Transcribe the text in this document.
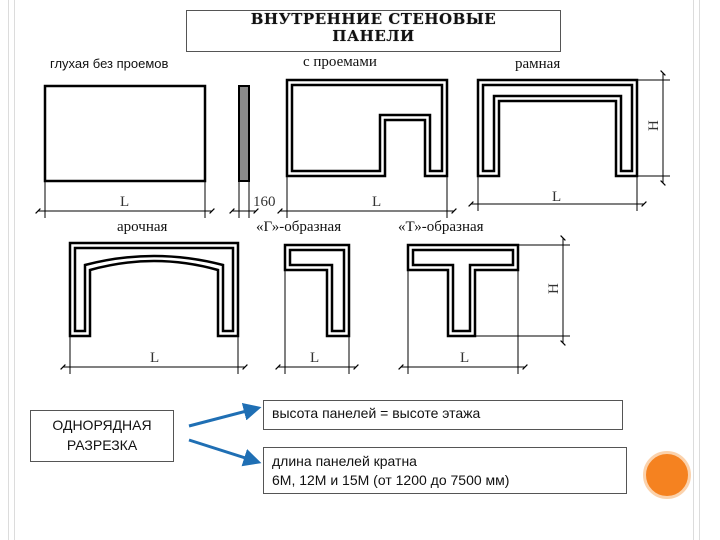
ВНУТРЕННИЕ СТЕНОВЫЕ
ПАНЕЛИ
глухая без проемов	с проемами	рамная
арочная	«Г»-образная	«Т»-образная
L	160	L	L
H
L	L	L
H
ОДНОРЯДНАЯ
РАЗРЕЗКА
высота панелей = высоте этажа
длина панелей кратна
6М, 12М и 15М (от 1200 до 7500 мм)
